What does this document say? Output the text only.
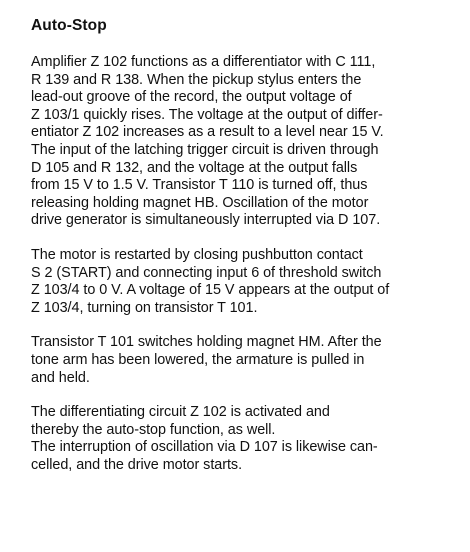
Auto-Stop

Amplifier Z 102 functions as a differentiator with C 111,
R 139 and R 138. When the pickup stylus enters the
lead-out groove of the record, the output voltage of
Z 103/1 quickly rises. The voltage at the output of differ-
entiator Z 102 increases as a result to a level near 15 V.
The input of the latching trigger circuit is driven through
D 105 and R 132, and the voltage at the output falls
from 15 V to 1.5 V. Transistor T 110 is turned off, thus
releasing holding magnet HB. Oscillation of the motor
drive generator is simultaneously interrupted via D 107.

The motor is restarted by closing pushbutton contact
S 2 (START) and connecting input 6 of threshold switch
Z 103/4 to 0 V. A voltage of 15 V appears at the output of
Z 103/4, turning on transistor T 101.

Transistor T 101 switches holding magnet HM. After the
tone arm has been lowered, the armature is pulled in
and held.

The differentiating circuit Z 102 is activated and
thereby the auto-stop function, as well.
The interruption of oscillation via D 107 is likewise can-
celled, and the drive motor starts.
